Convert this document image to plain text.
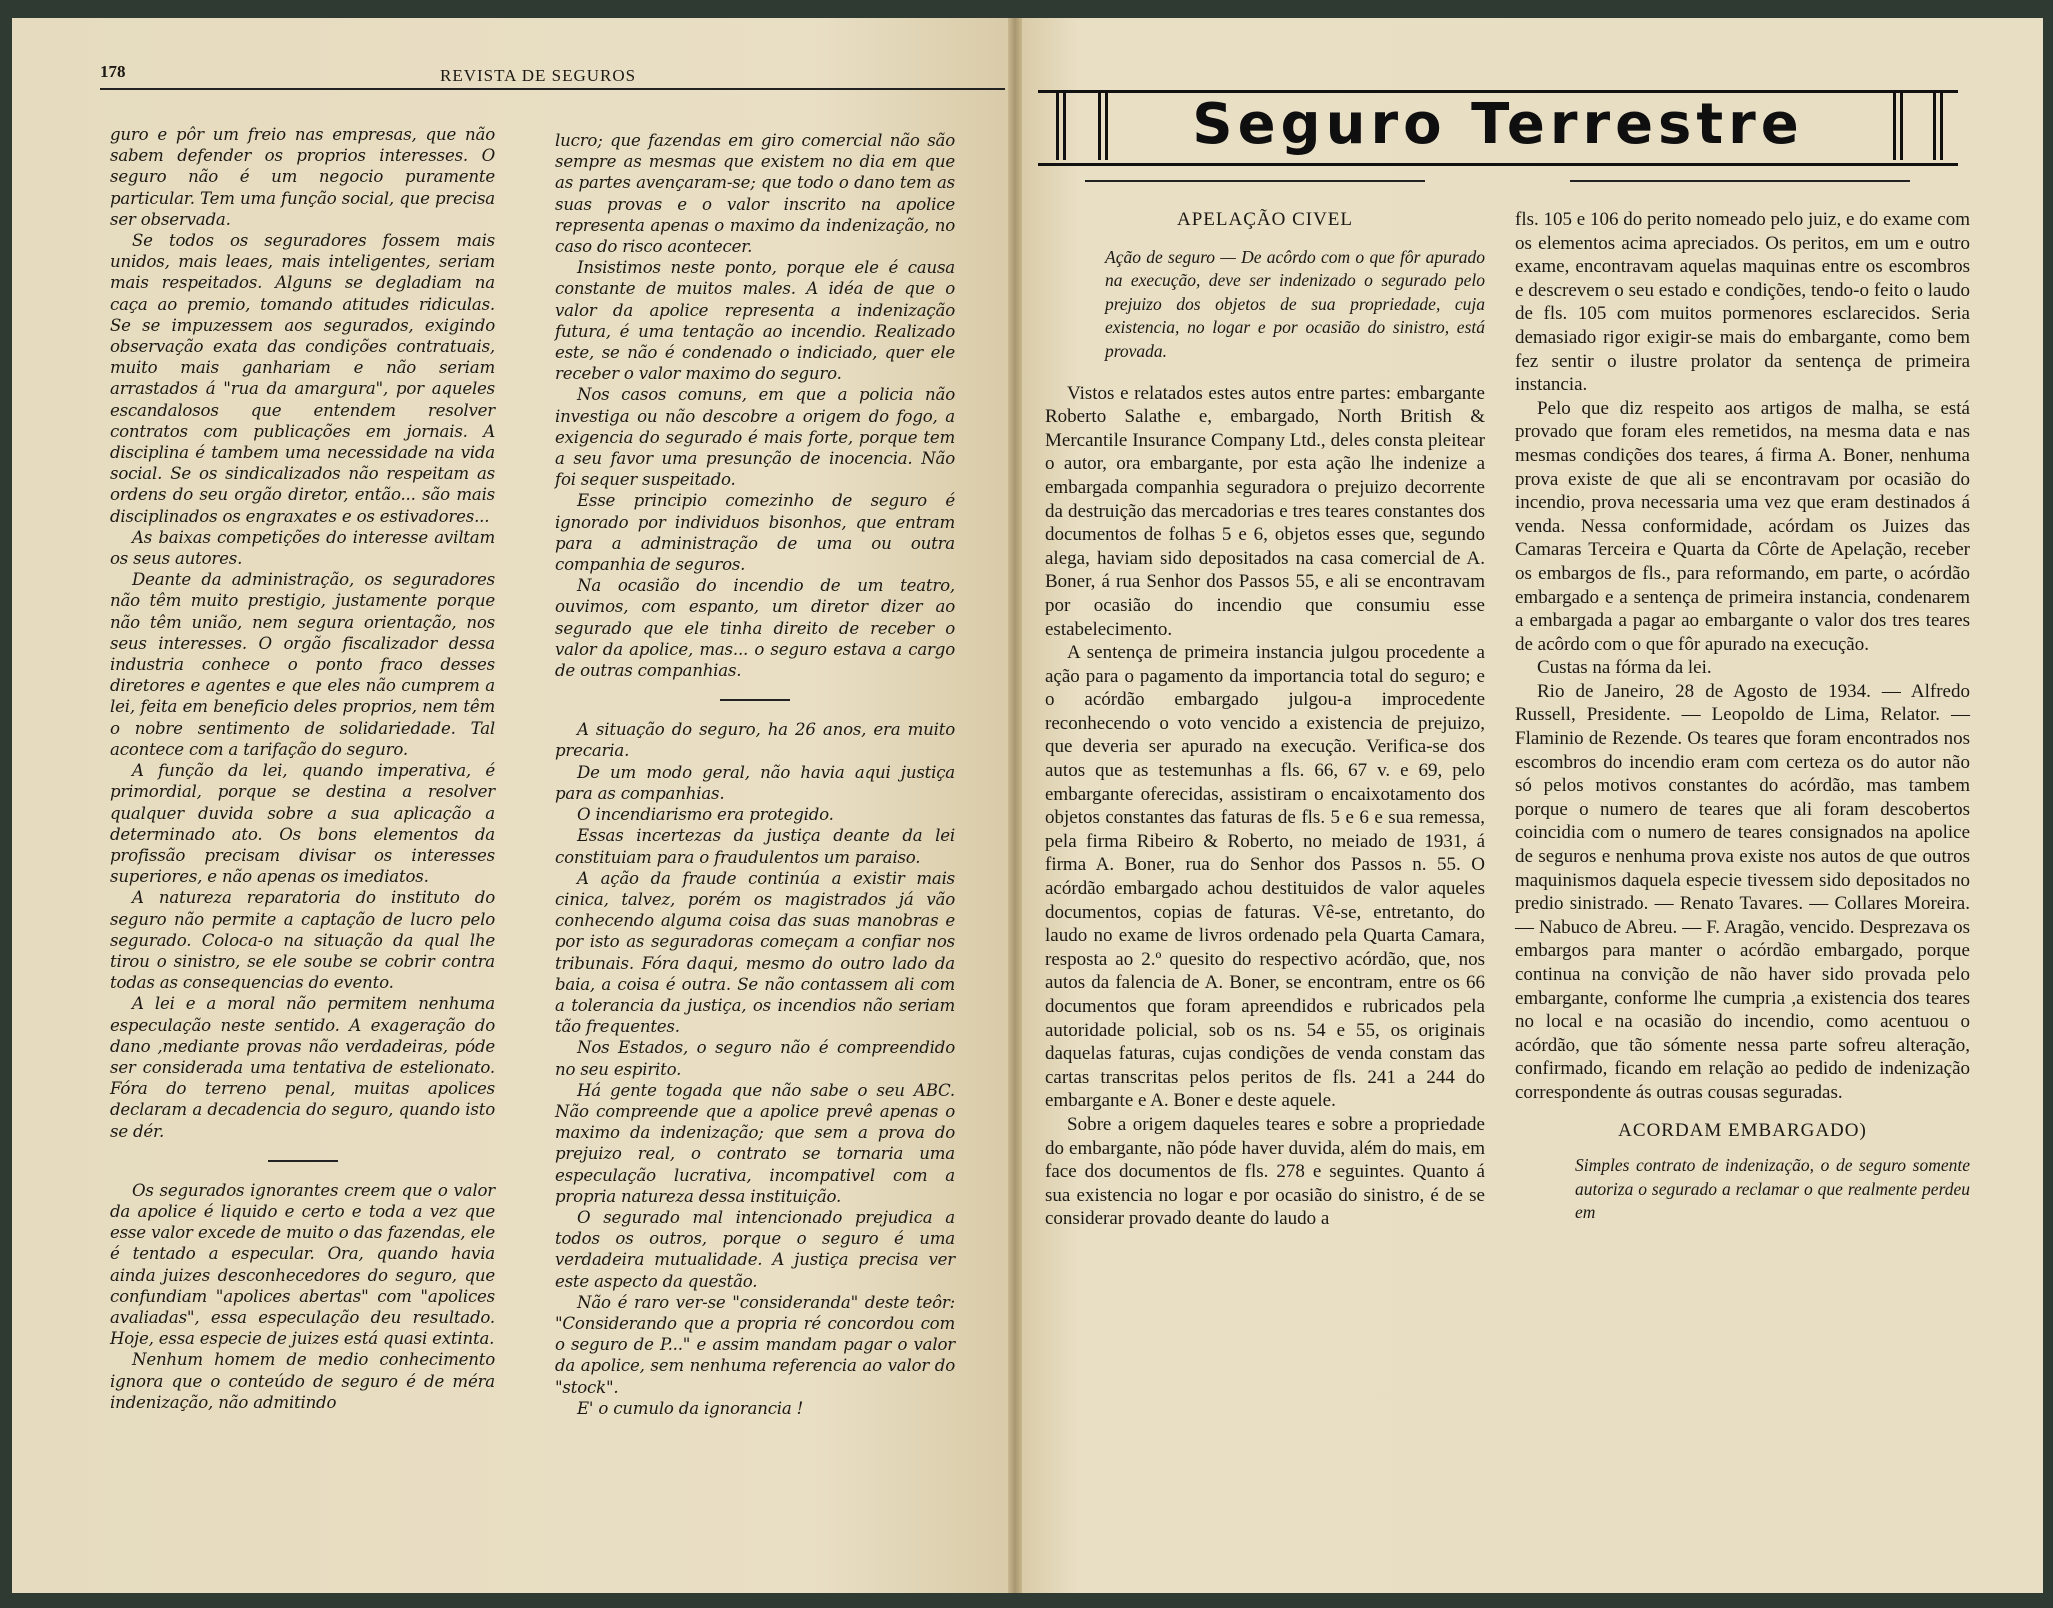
178	REVISTA DE SEGUROS

guro e pôr um freio nas empresas, que não sabem defender os proprios interesses. O seguro não é um negocio puramente particular. Tem uma função social, que precisa ser observada.

Se todos os seguradores fossem mais unidos, mais leaes, mais inteligentes, seriam mais respeitados. Alguns se degladiam na caça ao premio, tomando atitudes ridiculas. Se se impuzessem aos segurados, exigindo observação exata das condições contratuais, muito mais ganhariam e não seriam arrastados á "rua da amargura", por aqueles escandalosos que entendem resolver contratos com publicações em jornais. A disciplina é tambem uma necessidade na vida social. Se os sindicalizados não respeitam as ordens do seu orgão diretor, então... são mais disciplinados os engraxates e os estivadores...

As baixas competições do interesse aviltam os seus autores.

Deante da administração, os seguradores não têm muito prestigio, justamente porque não têm união, nem segura orientação, nos seus interesses. O orgão fiscalizador dessa industria conhece o ponto fraco desses diretores e agentes e que eles não cumprem a lei, feita em beneficio deles proprios, nem têm o nobre sentimento de solidariedade. Tal acontece com a tarifação do seguro.

A função da lei, quando imperativa, é primordial, porque se destina a resolver qualquer duvida sobre a sua aplicação a determinado ato. Os bons elementos da profissão precisam divisar os interesses superiores, e não apenas os imediatos.

A natureza reparatoria do instituto do seguro não permite a captação de lucro pelo segurado. Coloca-o na situação da qual lhe tirou o sinistro, se ele soube se cobrir contra todas as consequencias do evento.

A lei e a moral não permitem nenhuma especulação neste sentido. A exageração do dano ,mediante provas não verdadeiras, póde ser considerada uma tentativa de estelionato. Fóra do terreno penal, muitas apolices declaram a decadencia do seguro, quando isto se dér.

Os segurados ignorantes creem que o valor da apolice é liquido e certo e toda a vez que esse valor excede de muito o das fazendas, ele é tentado a especular. Ora, quando havia ainda juizes desconhecedores do seguro, que confundiam "apolices abertas" com "apolices avaliadas", essa especulação deu resultado. Hoje, essa especie de juizes está quasi extinta.

Nenhum homem de medio conhecimento ignora que o conteúdo de seguro é de méra indenização, não admitindo

lucro; que fazendas em giro comercial não são sempre as mesmas que existem no dia em que as partes avençaram-se; que todo o dano tem as suas provas e o valor inscrito na apolice representa apenas o maximo da indenização, no caso do risco acontecer.

Insistimos neste ponto, porque ele é causa constante de muitos males. A idéa de que o valor da apolice representa a indenização futura, é uma tentação ao incendio. Realizado este, se não é condenado o indiciado, quer ele receber o valor maximo do seguro.

Nos casos comuns, em que a policia não investiga ou não descobre a origem do fogo, a exigencia do segurado é mais forte, porque tem a seu favor uma presunção de inocencia. Não foi sequer suspeitado.

Esse principio comezinho de seguro é ignorado por individuos bisonhos, que entram para a administração de uma ou outra companhia de seguros.

Na ocasião do incendio de um teatro, ouvimos, com espanto, um diretor dizer ao segurado que ele tinha direito de receber o valor da apolice, mas... o seguro estava a cargo de outras companhias.

A situação do seguro, ha 26 anos, era muito precaria.

De um modo geral, não havia aqui justiça para as companhias.

O incendiarismo era protegido.

Essas incertezas da justiça deante da lei constituiam para o fraudulentos um paraiso.

A ação da fraude continúa a existir mais cinica, talvez, porém os magistrados já vão conhecendo alguma coisa das suas manobras e por isto as seguradoras começam a confiar nos tribunais. Fóra daqui, mesmo do outro lado da baia, a coisa é outra. Se não contassem ali com a tolerancia da justiça, os incendios não seriam tão frequentes.

Nos Estados, o seguro não é compreendido no seu espirito.

Há gente togada que não sabe o seu ABC. Não compreende que a apolice prevê apenas o maximo da indenização; que sem a prova do prejuizo real, o contrato se tornaria uma especulação lucrativa, incompativel com a propria natureza dessa instituição.

O segurado mal intencionado prejudica a todos os outros, porque o seguro é uma verdadeira mutualidade. A justiça precisa ver este aspecto da questão.

Não é raro ver-se "considerandа" deste teôr: "Considerando que a propria ré concordou com o seguro de P..." e assim mandam pagar o valor da apolice, sem nenhuma referencia ao valor do "stock".

E' o cumulo da ignorancia !

Seguro Terrestre

APELAÇÃO CIVEL

Ação de seguro — De acôrdo com o que fôr apurado na execução, deve ser indenizado o segurado pelo prejuizo dos objetos de sua propriedade, cuja existencia, no logar e por ocasião do sinistro, está provada.

Vistos e relatados estes autos entre partes: embargante Roberto Salathe e, embargado, North British & Mercantile Insurance Company Ltd., deles consta pleitear o autor, ora embargante, por esta ação lhe indenize a embargada companhia seguradora o prejuizo decorrente da destruição das mercadorias e tres teares constantes dos documentos de folhas 5 e 6, objetos esses que, segundo alega, haviam sido depositados na casa comercial de A. Boner, á rua Senhor dos Passos 55, e ali se encontravam por ocasião do incendio que consumiu esse estabelecimento.

A sentença de primeira instancia julgou procedente a ação para o pagamento da importancia total do seguro; e o acórdão embargado julgou-a improcedente reconhecendo o voto vencido a existencia de prejuizo, que deveria ser apurado na execução. Verifica-se dos autos que as testemunhas a fls. 66, 67 v. e 69, pelo embargante oferecidas, assistiram o encaixotamento dos objetos constantes das faturas de fls. 5 e 6 e sua remessa, pela firma Ribeiro & Roberto, no meiado de 1931, á firma A. Boner, rua do Senhor dos Passos n. 55. O acórdão embargado achou destituidos de valor aqueles documentos, copias de faturas. Vê-se, entretanto, do laudo no exame de livros ordenado pela Quarta Camara, resposta ao 2.º quesito do respectivo acórdão, que, nos autos da falencia de A. Boner, se encontram, entre os 66 documentos que foram apreendidos e rubricados pela autoridade policial, sob os ns. 54 e 55, os originais daquelas faturas, cujas condições de venda constam das cartas transcritas pelos peritos de fls. 241 a 244 do embargante e A. Boner e deste aquele.

Sobre a origem daqueles teares e sobre a propriedade do embargante, não póde haver duvida, além do mais, em face dos documentos de fls. 278 e seguintes. Quanto á sua existencia no logar e por ocasião do sinistro, é de se considerar provado deante do laudo a

fls. 105 e 106 do perito nomeado pelo juiz, e do exame com os elementos acima apreciados. Os peritos, em um e outro exame, encontravam aquelas maquinas entre os escombros e descrevem o seu estado e condições, tendo-o feito o laudo de fls. 105 com muitos pormenores esclarecidos. Seria demasiado rigor exigir-se mais do embargante, como bem fez sentir o ilustre prolator da sentença de primeira instancia.

Pelo que diz respeito aos artigos de malha, se está provado que foram eles remetidos, na mesma data e nas mesmas condições dos teares, á firma A. Boner, nenhuma prova existe de que ali se encontravam por ocasião do incendio, prova necessaria uma vez que eram destinados á venda. Nessa conformidade, acórdam os Juizes das Camaras Terceira e Quarta da Côrte de Apelação, receber os embargos de fls., para reformando, em parte, o acórdão embargado e a sentença de primeira instancia, condenarem a embargada a pagar ao embargante o valor dos tres teares de acôrdo com o que fôr apurado na execução.

Custas na fórma da lei.

Rio de Janeiro, 28 de Agosto de 1934. — Alfredo Russell, Presidente. — Leopoldo de Lima, Relator. — Flaminio de Rezende. Os teares que foram encontrados nos escombros do incendio eram com certeza os do autor não só pelos motivos constantes do acórdão, mas tambem porque o numero de teares que ali foram descobertos coincidia com o numero de teares consignados na apolice de seguros e nenhuma prova existe nos autos de que outros maquinismos daquela especie tivessem sido depositados no predio sinistrado. — Renato Tavares. — Collares Moreira. — Nabuco de Abreu. — F. Aragão, vencido. Desprezava os embargos para manter o acórdão embargado, porque continua na convição de não haver sido provada pelo embargante, conforme lhe cumpria ,a existencia dos teares no local e na ocasião do incendio, como acentuou o acórdão, que tão sómente nessa parte sofreu alteração, confirmado, ficando em relação ao pedido de indenização correspondente ás outras cousas seguradas.

ACORDAM EMBARGADO)

Simples contrato de indenização, o de seguro somente autoriza o segurado a reclamar o que realmente perdeu em
